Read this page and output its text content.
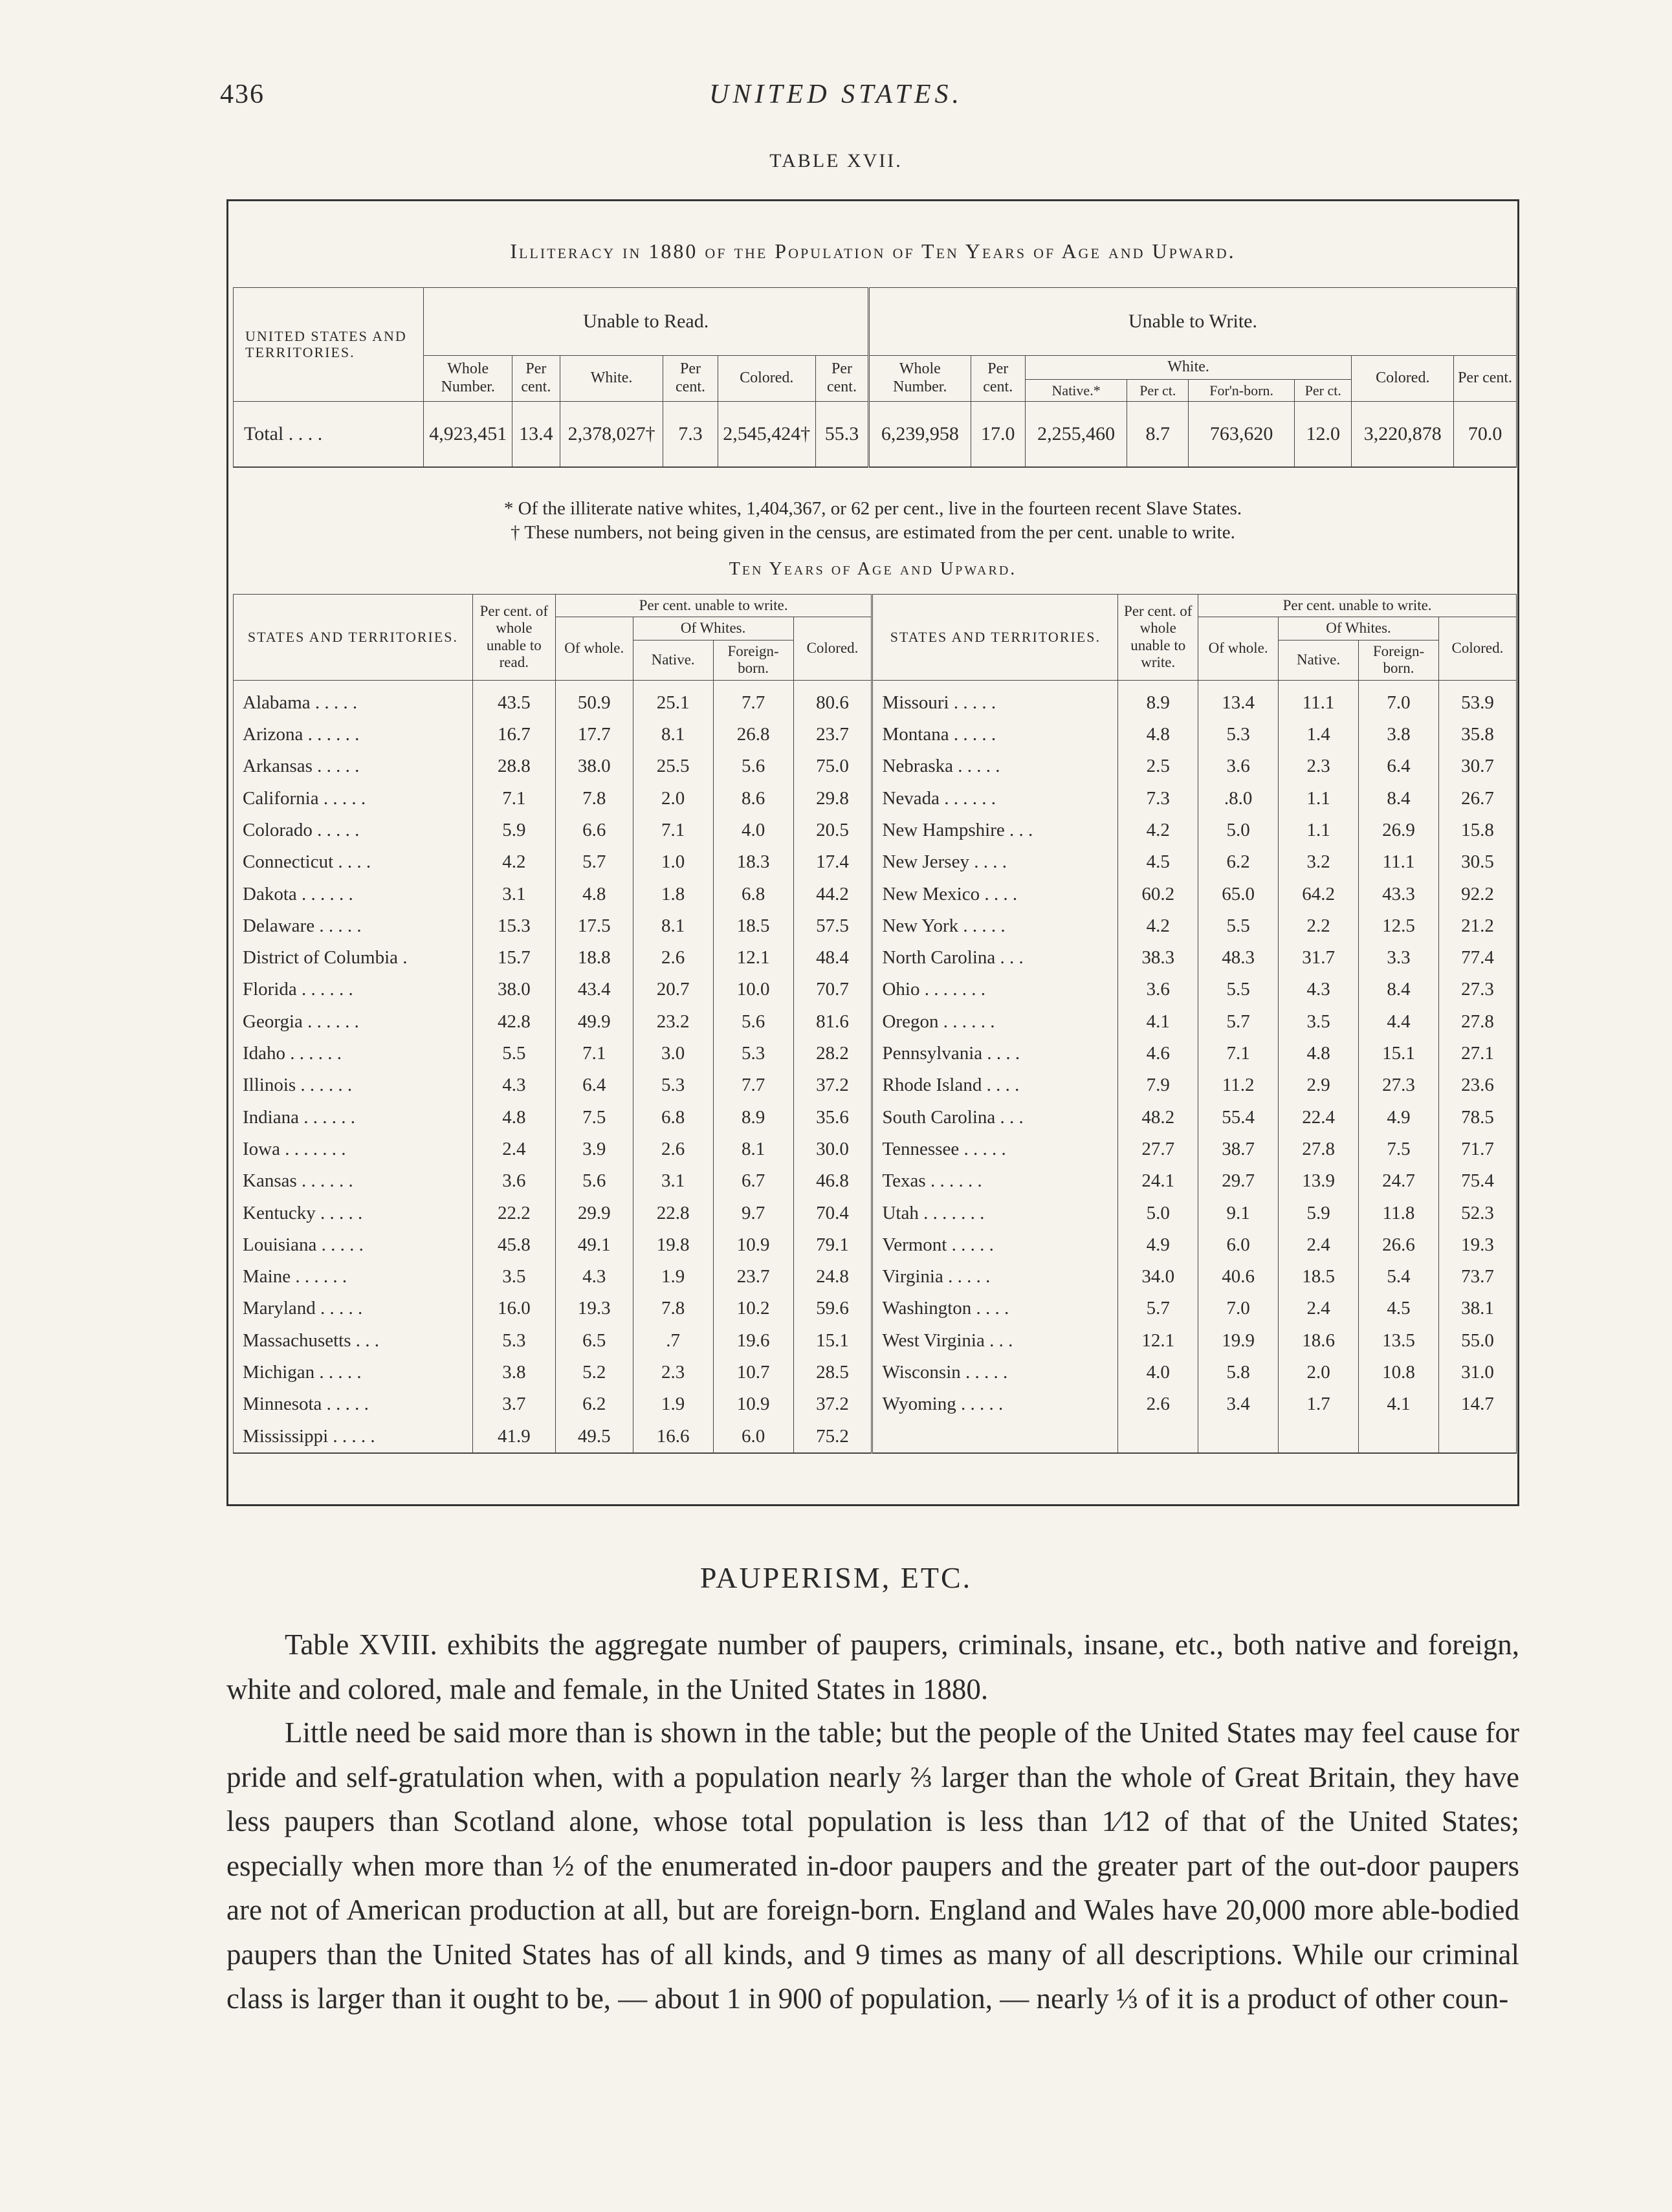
436	UNITED STATES.
TABLE XVII.
Illiteracy in 1880 of the Population of Ten Years of Age and Upward.
UNITED STATES AND TERRITORIES.	Unable to Read.						Unable to Write.							
	Whole Number.	Per cent.	White.	Per cent.	Colored.	Per cent.	Whole Number.	Per cent.	White.				Colored.	Per cent.
									Native.*	Per ct.	For'n-born.	Per ct.		
Total . . . .	4,923,451	13.4	2,378,027†	7.3	2,545,424†	55.3	6,239,958	17.0	2,255,460	8.7	763,620	12.0	3,220,878	70.0
* Of the illiterate native whites, 1,404,367, or 62 per cent., live in the fourteen recent Slave States.
† These numbers, not being given in the census, are estimated from the per cent. unable to write.
Ten Years of Age and Upward.
STATES AND TERRITORIES.	Per cent. of whole unable to read.	Per cent. unable to write.				STATES AND TERRITORIES.	Per cent. of whole unable to write.	Per cent. unable to write.			
		Of whole.	Of Whites.		Colored.			Of whole.	Of Whites.		Colored.
			Native.	Foreign-born.					Native.	Foreign-born.	
Alabama . . . . .	43.5	50.9	25.1	7.7	80.6	Missouri . . . . .	8.9	13.4	11.1	7.0	53.9
Arizona . . . . . .	16.7	17.7	8.1	26.8	23.7	Montana . . . . .	4.8	5.3	1.4	3.8	35.8
Arkansas . . . . .	28.8	38.0	25.5	5.6	75.0	Nebraska . . . . .	2.5	3.6	2.3	6.4	30.7
California . . . . .	7.1	7.8	2.0	8.6	29.8	Nevada . . . . . .	7.3	.8.0	1.1	8.4	26.7
Colorado . . . . .	5.9	6.6	7.1	4.0	20.5	New Hampshire . . .	4.2	5.0	1.1	26.9	15.8
Connecticut . . . .	4.2	5.7	1.0	18.3	17.4	New Jersey . . . .	4.5	6.2	3.2	11.1	30.5
Dakota . . . . . .	3.1	4.8	1.8	6.8	44.2	New Mexico . . . .	60.2	65.0	64.2	43.3	92.2
Delaware . . . . .	15.3	17.5	8.1	18.5	57.5	New York . . . . .	4.2	5.5	2.2	12.5	21.2
District of Columbia .	15.7	18.8	2.6	12.1	48.4	North Carolina . . .	38.3	48.3	31.7	3.3	77.4
Florida . . . . . .	38.0	43.4	20.7	10.0	70.7	Ohio . . . . . . .	3.6	5.5	4.3	8.4	27.3
Georgia . . . . . .	42.8	49.9	23.2	5.6	81.6	Oregon . . . . . .	4.1	5.7	3.5	4.4	27.8
Idaho . . . . . .	5.5	7.1	3.0	5.3	28.2	Pennsylvania . . . .	4.6	7.1	4.8	15.1	27.1
Illinois . . . . . .	4.3	6.4	5.3	7.7	37.2	Rhode Island . . . .	7.9	11.2	2.9	27.3	23.6
Indiana . . . . . .	4.8	7.5	6.8	8.9	35.6	South Carolina . . .	48.2	55.4	22.4	4.9	78.5
Iowa . . . . . . .	2.4	3.9	2.6	8.1	30.0	Tennessee . . . . .	27.7	38.7	27.8	7.5	71.7
Kansas . . . . . .	3.6	5.6	3.1	6.7	46.8	Texas . . . . . .	24.1	29.7	13.9	24.7	75.4
Kentucky . . . . .	22.2	29.9	22.8	9.7	70.4	Utah . . . . . . .	5.0	9.1	5.9	11.8	52.3
Louisiana . . . . .	45.8	49.1	19.8	10.9	79.1	Vermont . . . . .	4.9	6.0	2.4	26.6	19.3
Maine . . . . . .	3.5	4.3	1.9	23.7	24.8	Virginia . . . . .	34.0	40.6	18.5	5.4	73.7
Maryland . . . . .	16.0	19.3	7.8	10.2	59.6	Washington . . . .	5.7	7.0	2.4	4.5	38.1
Massachusetts . . .	5.3	6.5	.7	19.6	15.1	West Virginia . . .	12.1	19.9	18.6	13.5	55.0
Michigan . . . . .	3.8	5.2	2.3	10.7	28.5	Wisconsin . . . . .	4.0	5.8	2.0	10.8	31.0
Minnesota . . . . .	3.7	6.2	1.9	10.9	37.2	Wyoming . . . . .	2.6	3.4	1.7	4.1	14.7
Mississippi . . . . .	41.9	49.5	16.6	6.0	75.2						
PAUPERISM, ETC.
Table XVIII. exhibits the aggregate number of paupers, criminals, insane, etc., both native and foreign, white and colored, male and female, in the United States in 1880.
Little need be said more than is shown in the table; but the people of the United States may feel cause for pride and self-gratulation when, with a population nearly ⅔ larger than the whole of Great Britain, they have less paupers than Scotland alone, whose total population is less than 1⁄12 of that of the United States; especially when more than ½ of the enumerated in-door paupers and the greater part of the out-door paupers are not of American production at all, but are foreign-born. England and Wales have 20,000 more able-bodied paupers than the United States has of all kinds, and 9 times as many of all descriptions. While our criminal class is larger than it ought to be, — about 1 in 900 of population, — nearly ⅓ of it is a product of other coun-
